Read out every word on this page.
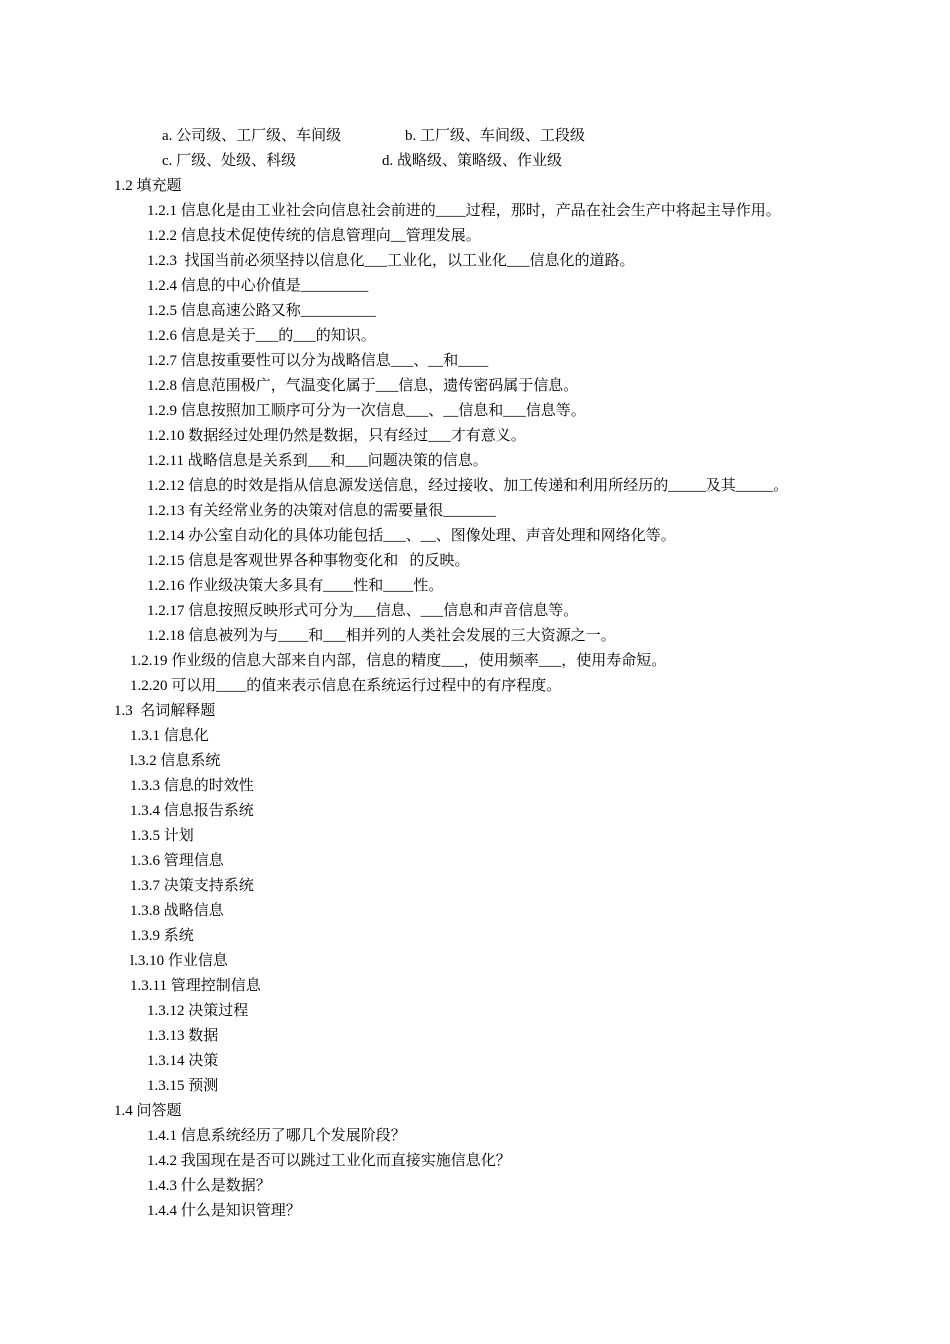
a. 公司级、工厂级、车间级	b. 工厂级、车间级、工段级
c. 厂级、处级、科级	d. 战略级、策略级、作业级
1.2 填充题
1.2.1 信息化是由工业社会向信息社会前进的____过程，那时，产品在社会生产中将起主导作用。
1.2.2 信息技术促使传统的信息管理向__管理发展。
1.2.3  找国当前必须坚持以信息化___工业化，以工业化___信息化的道路。
1.2.4 信息的中心价值是_________
1.2.5 信息高速公路又称__________
1.2.6 信息是关于___的___的知识。
1.2.7 信息按重要性可以分为战略信息___、__和____
1.2.8 信息范围极广，气温变化属于___信息，遗传密码属于信息。
1.2.9 信息按照加工顺序可分为一次信息___、__信息和___信息等。
1.2.10 数据经过处理仍然是数据，只有经过___才有意义。
1.2.11 战略信息是关系到___和___问题决策的信息。
1.2.12 信息的时效是指从信息源发送信息，经过接收、加工传递和利用所经历的_____及其_____。
1.2.13 有关经常业务的决策对信息的需要量很_______
1.2.14 办公室自动化的具体功能包括___、__、图像处理、声音处理和网络化等。
1.2.15 信息是客观世界各种事物变化和   的反映。
1.2.16 作业级决策大多具有____性和____性。
1.2.17 信息按照反映形式可分为___信息、___信息和声音信息等。
1.2.18 信息被列为与____和___相并列的人类社会发展的三大资源之一。
1.2.19 作业级的信息大部来自内部，信息的精度___，使用频率___，使用寿命短。
1.2.20 可以用____的值来表示信息在系统运行过程中的有序程度。
1.3  名词解释题
1.3.1 信息化
l.3.2 信息系统
1.3.3 信息的时效性
1.3.4 信息报告系统
1.3.5 计划
1.3.6 管理信息
1.3.7 决策支持系统
1.3.8 战略信息
1.3.9 系统
l.3.10 作业信息
1.3.11 管理控制信息
1.3.12 决策过程
1.3.13 数据
1.3.14 决策
1.3.15 预测
1.4 问答题
1.4.1 信息系统经历了哪几个发展阶段？
1.4.2 我国现在是否可以跳过工业化而直接实施信息化？
1.4.3 什么是数据？
1.4.4 什么是知识管理？
